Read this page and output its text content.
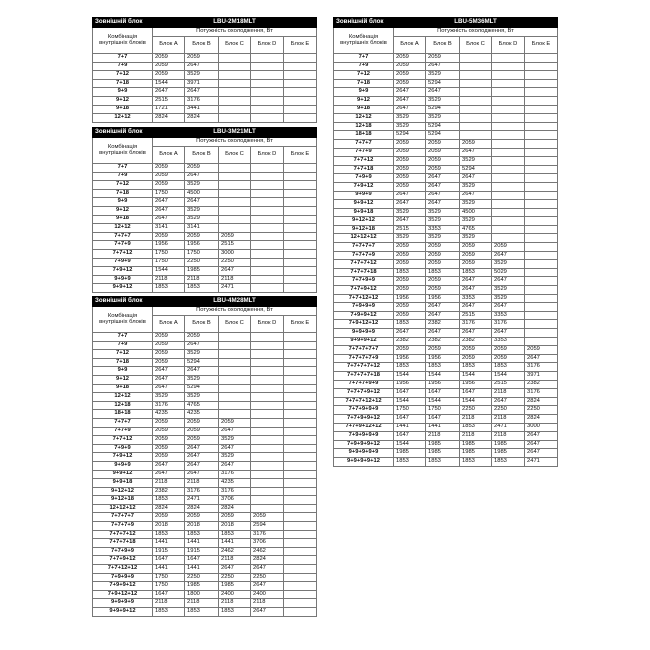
Зовнішній блок	LBU-2M18MLT				
Комбінація внутрішніх блоків	Потужність охолодження, Вт				
	Блок А	Блок В	Блок С	Блок D	Блок Е
7+7	2059	2059			
7+9	2059	2647			
7+12	2059	3529			
7+18	1544	3971			
9+9	2647	2647			
9+12	2515	3176			
9+18	1721	3441			
12+12	2824	2824			
Зовнішній блок	LBU-3M21MLT				
Комбінація внутрішніх блоків	Потужність охолодження, Вт				
	Блок А	Блок В	Блок С	Блок D	Блок Е
7+7	2059	2059			
7+9	2059	2647			
7+12	2059	3529			
7+18	1750	4500			
9+9	2647	2647			
9+12	2647	3529			
9+18	2647	3529			
12+12	3141	3141			
7+7+7	2059	2059	2059		
7+7+9	1956	1956	2515		
7+7+12	1750	1750	3000		
7+9+9	1750	2250	2250		
7+9+12	1544	1985	2647		
9+9+9	2118	2118	2118		
9+9+12	1853	1853	2471		
Зовнішній блок	LBU-4M28MLT				
Комбінація внутрішніх блоків	Потужність охолодження, Вт				
	Блок А	Блок В	Блок С	Блок D	Блок Е
7+7	2059	2059			
7+9	2059	2647			
7+12	2059	3529			
7+18	2059	5294			
9+9	2647	2647			
9+12	2647	3529			
9+18	2647	5294			
12+12	3529	3529			
12+18	3176	4765			
18+18	4235	4235			
7+7+7	2059	2059	2059		
7+7+9	2059	2059	2647		
7+7+12	2059	2059	3529		
7+9+9	2059	2647	2647		
7+9+12	2059	2647	3529		
9+9+9	2647	2647	2647		
9+9+12	2647	2647	3176		
9+9+18	2118	2118	4235		
9+12+12	2382	3176	3176		
9+12+18	1853	2471	3706		
12+12+12	2824	2824	2824		
7+7+7+7	2059	2059	2059	2059	
7+7+7+9	2018	2018	2018	2594	
7+7+7+12	1853	1853	1853	3176	
7+7+7+18	1441	1441	1441	3706	
7+7+9+9	1915	1915	2462	2462	
7+7+9+12	1647	1647	2118	2824	
7+7+12+12	1441	1441	2647	2647	
7+9+9+9	1750	2250	2250	2250	
7+9+9+12	1750	1985	1985	2647	
7+9+12+12	1647	1800	2400	2400	
9+9+9+9	2118	2118	2118	2118	
9+9+9+12	1853	1853	1853	2647	
Зовнішній блок	LBU-5M36MLT				
Комбінація внутрішніх блоків	Потужність охолодження, Вт				
	Блок А	Блок В	Блок С	Блок D	Блок Е
7+7	2059	2059			
7+9	2059	2647			
7+12	2059	3529			
7+18	2059	5294			
9+9	2647	2647			
9+12	2647	3529			
9+18	2647	5294			
12+12	3529	3529			
12+18	3529	5294			
18+18	5294	5294			
7+7+7	2059	2059	2059		
7+7+9	2059	2059	2647		
7+7+12	2059	2059	3529		
7+7+18	2059	2059	5294		
7+9+9	2059	2647	2647		
7+9+12	2059	2647	3529		
9+9+9	2647	2647	2647		
9+9+12	2647	2647	3529		
9+9+18	3529	3529	4500		
9+12+12	2647	3529	3529		
9+12+18	2515	3353	4765		
12+12+12	3529	3529	3529		
7+7+7+7	2059	2059	2059	2059	
7+7+7+9	2059	2059	2059	2647	
7+7+7+12	2059	2059	2059	3529	
7+7+7+18	1853	1853	1853	5029	
7+7+9+9	2059	2059	2647	2647	
7+7+9+12	2059	2059	2647	3529	
7+7+12+12	1956	1956	3353	3529	
7+9+9+9	2059	2647	2647	2647	
7+9+9+12	2059	2647	2515	3353	
7+9+12+12	1853	2382	3176	3176	
9+9+9+9	2647	2647	2647	2647	
9+9+9+12	2382	2382	2382	3353	
7+7+7+7+7	2059	2059	2059	2059	2059
7+7+7+7+9	1956	1956	2059	2059	2647
7+7+7+7+12	1853	1853	1853	1853	3176
7+7+7+7+18	1544	1544	1544	1544	3971
7+7+7+9+9	1956	1956	1956	2515	2382
7+7+7+9+12	1647	1647	1647	2118	3176
7+7+7+12+12	1544	1544	1544	2647	2824
7+7+9+9+9	1750	1750	2250	2250	2250
7+7+9+9+12	1647	1647	2118	2118	2824
7+7+9+12+12	1441	1441	1853	2471	3000
7+9+9+9+9	1647	2118	2118	2118	2647
7+9+9+9+12	1544	1985	1985	1985	2647
9+9+9+9+9	1985	1985	1985	1985	2647
9+9+9+9+12	1853	1853	1853	1853	2471
